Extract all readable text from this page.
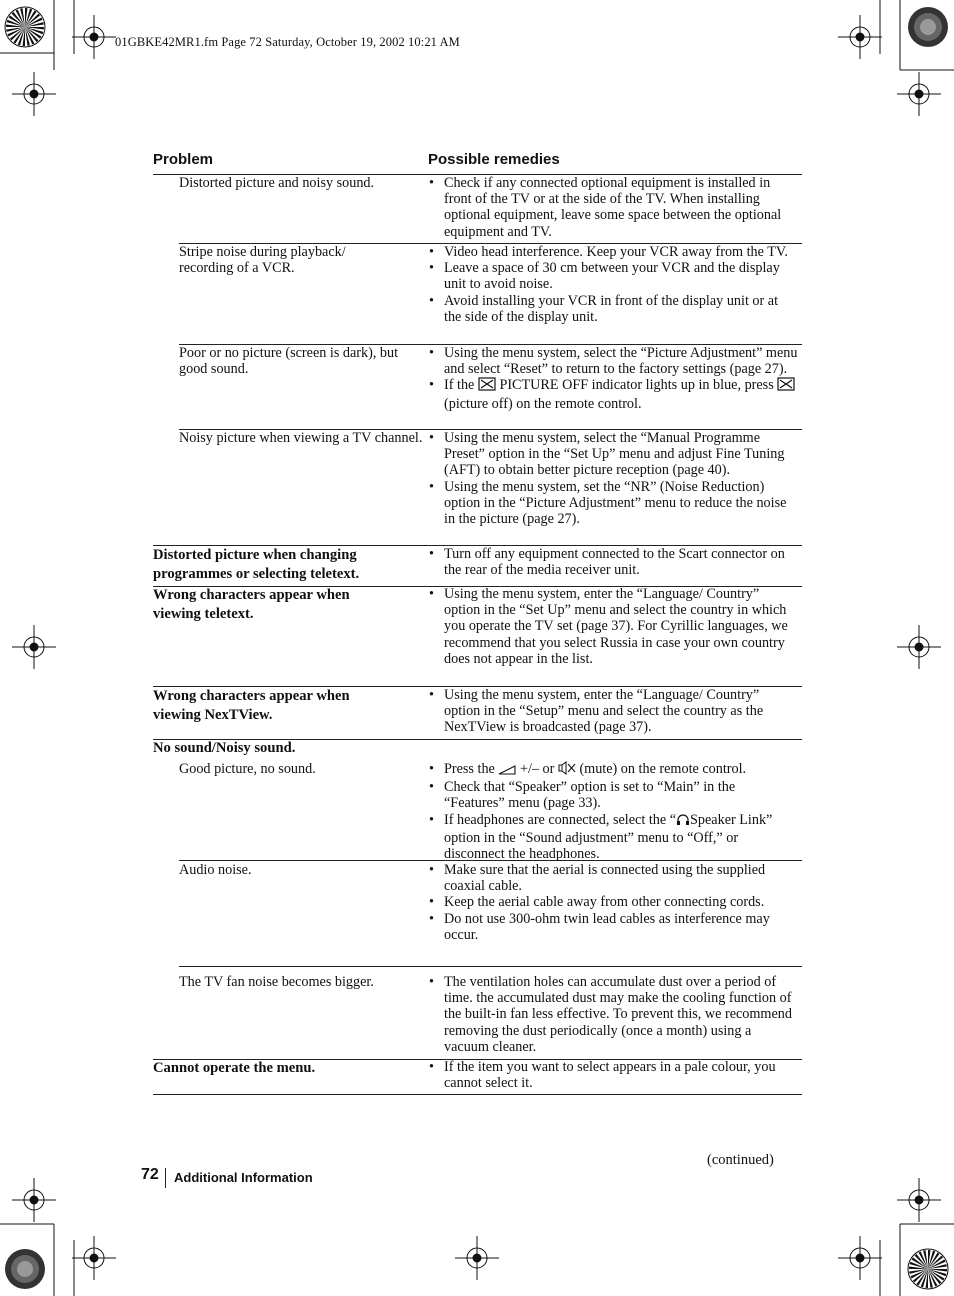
01GBKE42MR1.fm Page 72 Saturday, October 19, 2002 10:21 AM
Problem	Possible remedies
Distorted picture and noisy sound.	• Check if any connected optional equipment is installed in front of the TV or at the side of the TV. When installing optional equipment, leave some space between the optional equipment and TV.
Stripe noise during playback/ recording of a VCR.
• Video head interference. Keep your VCR away from the TV.
• Leave a space of 30 cm between your VCR and the display unit to avoid noise.
• Avoid installing your VCR in front of the display unit or at the side of the display unit.
Poor or no picture (screen is dark), but good sound.
• Using the menu system, select the “Picture Adjustment” menu and select “Reset” to return to the factory settings (page 27).
• If the PICTURE OFF indicator lights up in blue, press  (picture off) on the remote control.
Noisy picture when viewing a TV channel. • Using the menu system, select the “Manual Programme Preset” option in the “Set Up” menu and adjust Fine Tuning (AFT) to obtain better picture reception (page 40).
• Using the menu system, set the “NR” (Noise Reduction) option in the “Picture Adjustment” menu to reduce the noise in the picture (page 27).
Distorted picture when changing programmes or selecting teletext.
• Turn off any equipment connected to the Scart connector on the rear of the media receiver unit.
Wrong characters appear when viewing teletext.
• Using the menu system, enter the “Language/ Country” option in the “Set Up” menu and select the country in which you operate the TV set (page 37). For Cyrillic languages, we recommend that you select Russia in case your own country does not appear in the list.
Wrong characters appear when viewing NexTView.
• Using the menu system, enter the “Language/ Country” option in the “Setup” menu and select the country as the NexTView is broadcasted (page 37).
No sound/Noisy sound.
Good picture, no sound.	• Press the +/– or (mute) on the remote control.
• Check that “Speaker” option is set to “Main” in the “Features” menu (page 33).
• If headphones are connected, select the “ Speaker Link” option in the “Sound adjustment” menu to “Off,” or disconnect the headphones.
Audio noise.	• Make sure that the aerial is connected using the supplied coaxial cable.
• Keep the aerial cable away from other connecting cords.
• Do not use 300-ohm twin lead cables as interference may occur.
The TV fan noise becomes bigger.	• The ventilation holes can accumulate dust over a period of time. the accumulated dust may make the cooling function of the built-in fan less effective. To prevent this, we recommend removing the dust periodically (once a month) using a vacuum cleaner.
Cannot operate the menu.	• If the item you want to select appears in a pale colour, you cannot select it.
(continued)
72 Additional Information
